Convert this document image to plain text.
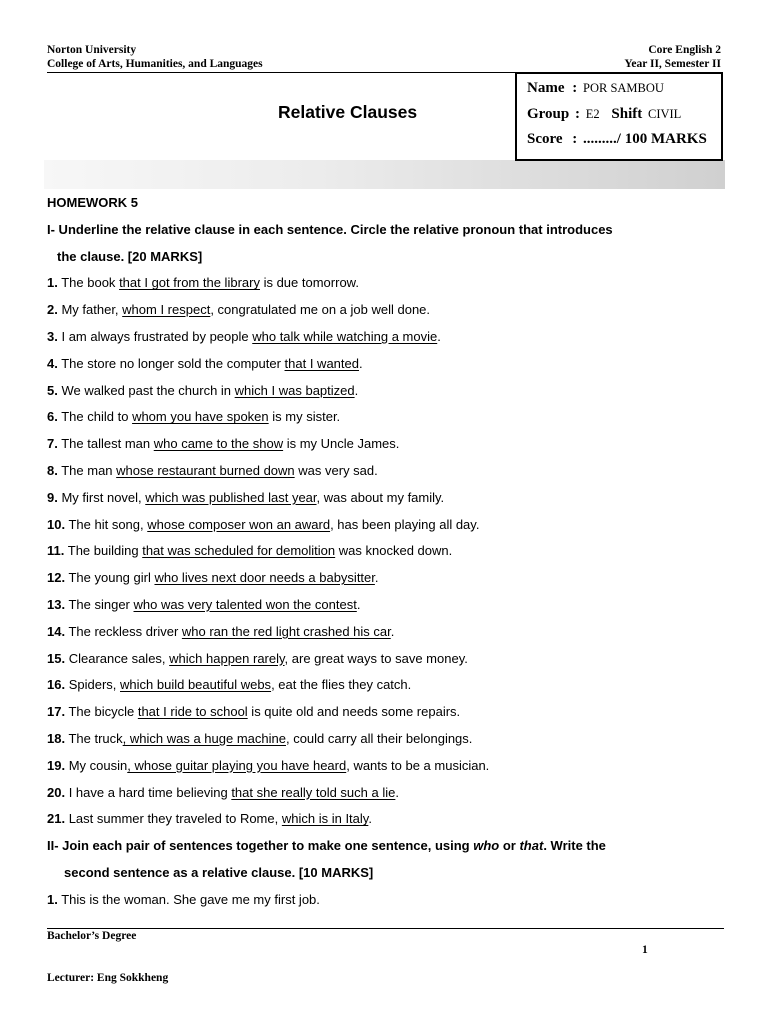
Norton University
College of Arts, Humanities, and Languages
Core English 2
Year II, Semester II
Name : POR SAMBOU
Group : E2 Shift CIVIL
Score : ........./ 100 MARKS
Relative Clauses
HOMEWORK 5
I- Underline the relative clause in each sentence. Circle the relative pronoun that introduces
the clause. [20 MARKS]
1. The book that I got from the library is due tomorrow.
2. My father, whom I respect, congratulated me on a job well done.
3. I am always frustrated by people who talk while watching a movie.
4. The store no longer sold the computer that I wanted.
5. We walked past the church in which I was baptized.
6. The child to whom you have spoken is my sister.
7. The tallest man who came to the show is my Uncle James.
8. The man whose restaurant burned down was very sad.
9. My first novel, which was published last year, was about my family.
10. The hit song, whose composer won an award, has been playing all day.
11. The building that was scheduled for demolition was knocked down.
12. The young girl who lives next door needs a babysitter.
13. The singer who was very talented won the contest.
14. The reckless driver who ran the red light crashed his car.
15. Clearance sales, which happen rarely, are great ways to save money.
16. Spiders, which build beautiful webs, eat the flies they catch.
17. The bicycle that I ride to school is quite old and needs some repairs.
18. The truck, which was a huge machine, could carry all their belongings.
19. My cousin, whose guitar playing you have heard, wants to be a musician.
20. I have a hard time believing that she really told such a lie.
21. Last summer they traveled to Rome, which is in Italy.
II- Join each pair of sentences together to make one sentence, using who or that. Write the
second sentence as a relative clause. [10 MARKS]
1. This is the woman. She gave me my first job.
Bachelor’s Degree
1
Lecturer: Eng Sokkheng
